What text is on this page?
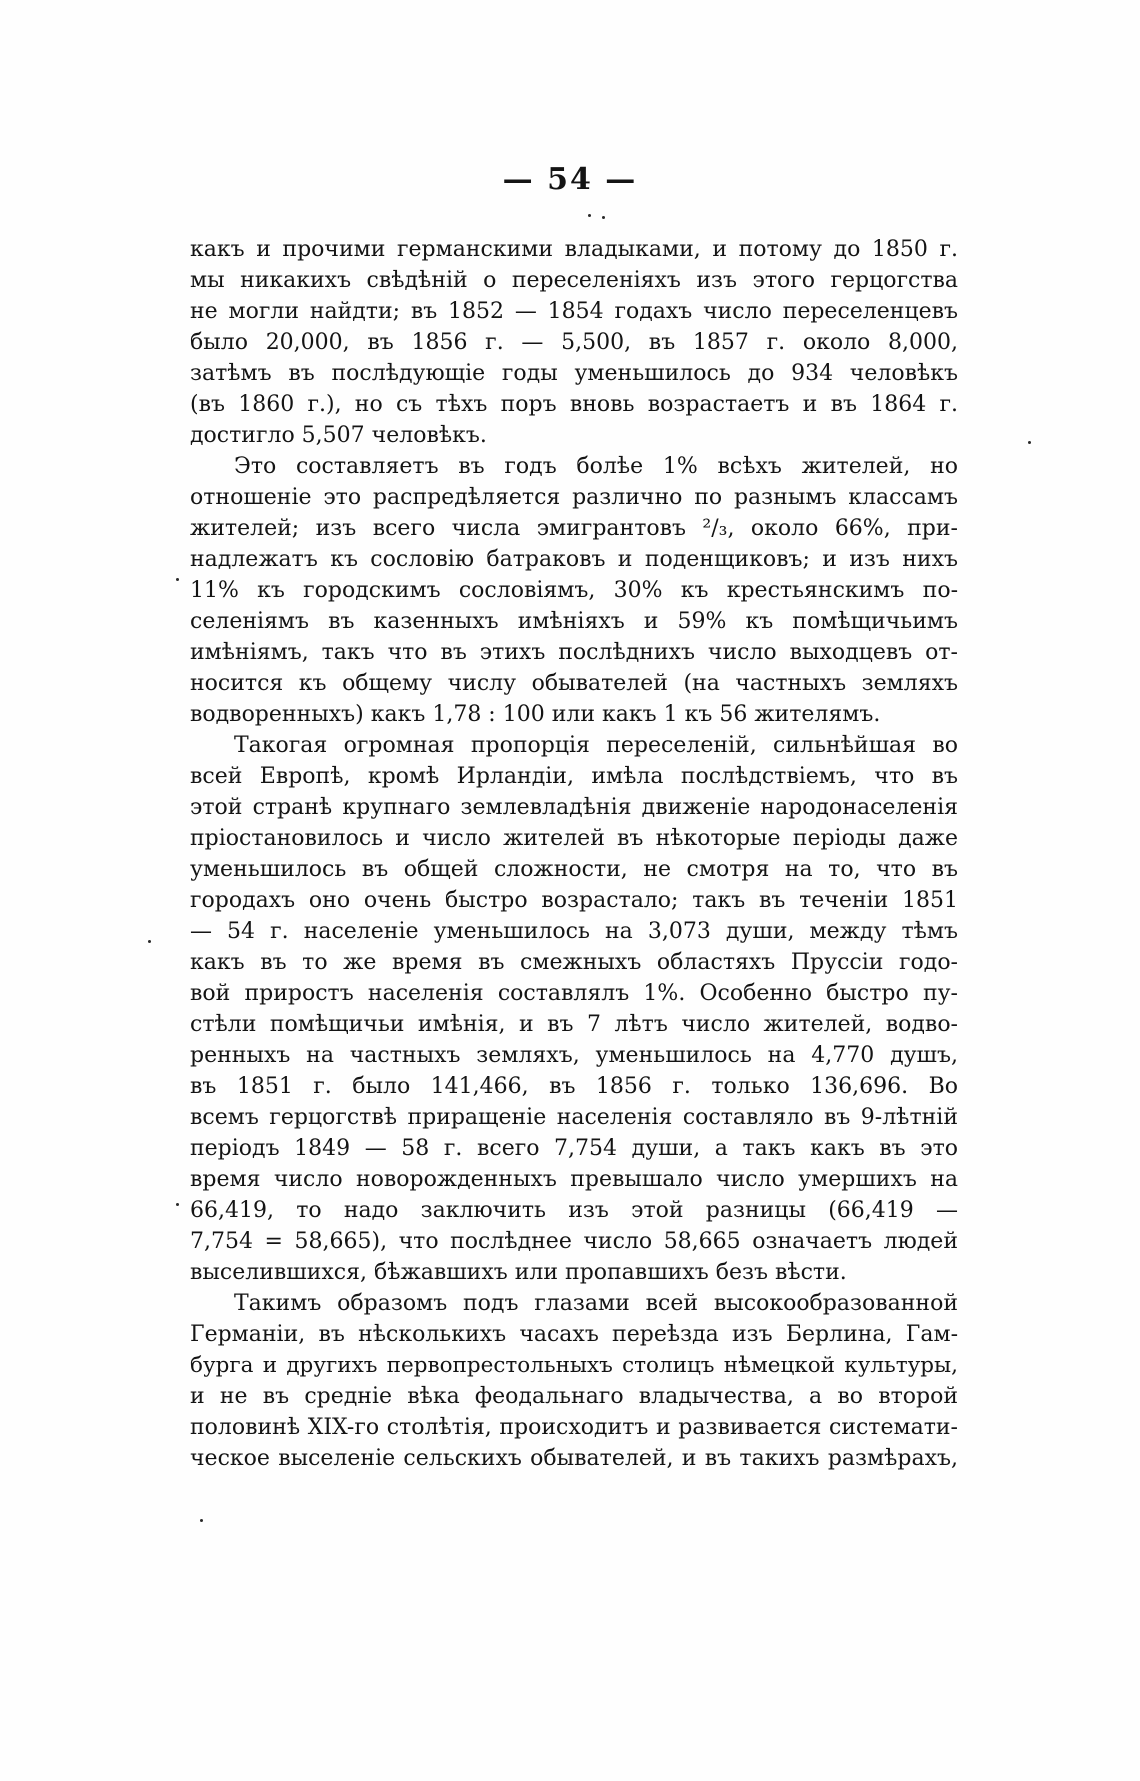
— 54 —
какъ и прочими германскими владыками, и потому до 1850 г.
мы никакихъ свѣдѣній о переселеніяхъ изъ этого герцогства
не могли найдти; въ 1852 — 1854 годахъ число переселенцевъ
было 20,000, въ 1856 г. — 5,500, въ 1857 г. около 8,000,
затѣмъ въ послѣдующіе годы уменьшилось до 934 человѣкъ
(въ 1860 г.), но съ тѣхъ поръ вновь возрастаетъ и въ 1864 г.
достигло 5,507 человѣкъ.
Это составляетъ въ годъ болѣе 1% всѣхъ жителей, но
отношеніе это распредѣляется различно по разнымъ классамъ
жителей; изъ всего числа эмигрантовъ ²/₃, около 66%, при-
надлежатъ къ сословію батраковъ и поденщиковъ; и изъ нихъ
11% къ городскимъ сословіямъ, 30% къ крестьянскимъ по-
селеніямъ въ казенныхъ имѣніяхъ и 59% къ помѣщичьимъ
имѣніямъ, такъ что въ этихъ послѣднихъ число выходцевъ от-
носится къ общему числу обывателей (на частныхъ земляхъ
водворенныхъ) какъ 1,78 : 100 или какъ 1 къ 56 жителямъ.
Такогая огромная пропорція переселеній, сильнѣйшая во
всей Европѣ, кромѣ Ирландіи, имѣла послѣдствіемъ, что въ
этой странѣ крупнаго землевладѣнія движеніе народонаселенія
пріостановилось и число жителей въ нѣкоторые періоды даже
уменьшилось въ общей сложности, не смотря на то, что въ
городахъ оно очень быстро возрастало; такъ въ теченіи 1851
— 54 г. населеніе уменьшилось на 3,073 души, между тѣмъ
какъ въ то же время въ смежныхъ областяхъ Пруссіи годо-
вой приростъ населенія составлялъ 1%. Особенно быстро пу-
стѣли помѣщичьи имѣнія, и въ 7 лѣтъ число жителей, водво-
ренныхъ на частныхъ земляхъ, уменьшилось на 4,770 душъ,
въ 1851 г. было 141,466, въ 1856 г. только 136,696. Во
всемъ герцогствѣ приращеніе населенія составляло въ 9-лѣтній
періодъ 1849 — 58 г. всего 7,754 души, а такъ какъ въ это
время число новорожденныхъ превышало число умершихъ на
66,419, то надо заключить изъ этой разницы (66,419 —
7,754 = 58,665), что послѣднее число 58,665 означаетъ людей
выселившихся, бѣжавшихъ или пропавшихъ безъ вѣсти.
Такимъ образомъ подъ глазами всей высокообразованной
Германіи, въ нѣсколькихъ часахъ переѣзда изъ Берлина, Гам-
бурга и другихъ первопрестольныхъ столицъ нѣмецкой культуры,
и не въ средніе вѣка феодальнаго владычества, а во второй
половинѣ XIX-го столѣтія, происходитъ и развивается системати-
ческое выселеніе сельскихъ обывателей, и въ такихъ размѣрахъ,
